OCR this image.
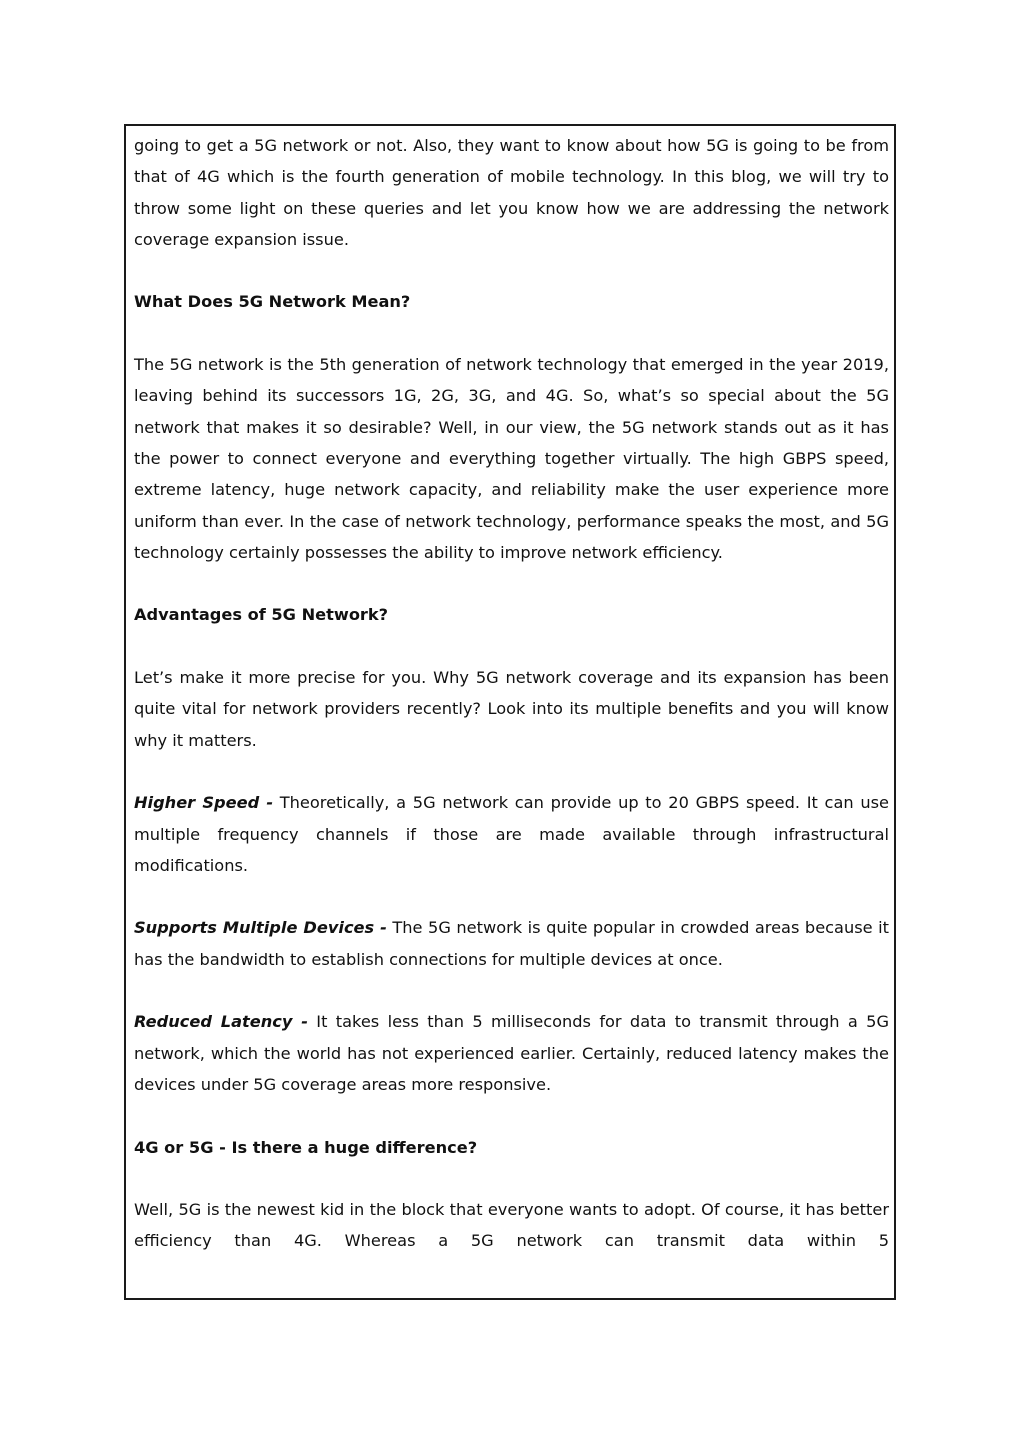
going to get a 5G network or not. Also, they want to know about how 5G is going to be from that of 4G which is the fourth generation of mobile technology. In this blog, we will try to throw some light on these queries and let you know how we are addressing the network coverage expansion issue.

What Does 5G Network Mean?

The 5G network is the 5th generation of network technology that emerged in the year 2019, leaving behind its successors 1G, 2G, 3G, and 4G. So, what’s so special about the 5G network that makes it so desirable? Well, in our view, the 5G network stands out as it has the power to connect everyone and everything together virtually. The high GBPS speed, extreme latency, huge network capacity, and reliability make the user experience more uniform than ever. In the case of network technology, performance speaks the most, and 5G technology certainly possesses the ability to improve network efficiency.

Advantages of 5G Network?

Let’s make it more precise for you. Why 5G network coverage and its expansion has been quite vital for network providers recently? Look into its multiple benefits and you will know why it matters.

Higher Speed - Theoretically, a 5G network can provide up to 20 GBPS speed. It can use multiple frequency channels if those are made available through infrastructural modifications.

Supports Multiple Devices - The 5G network is quite popular in crowded areas because it has the bandwidth to establish connections for multiple devices at once.

Reduced Latency - It takes less than 5 milliseconds for data to transmit through a 5G network, which the world has not experienced earlier. Certainly, reduced latency makes the devices under 5G coverage areas more responsive.

4G or 5G - Is there a huge difference?

Well, 5G is the newest kid in the block that everyone wants to adopt. Of course, it has better efficiency than 4G. Whereas a 5G network can transmit data within 5
